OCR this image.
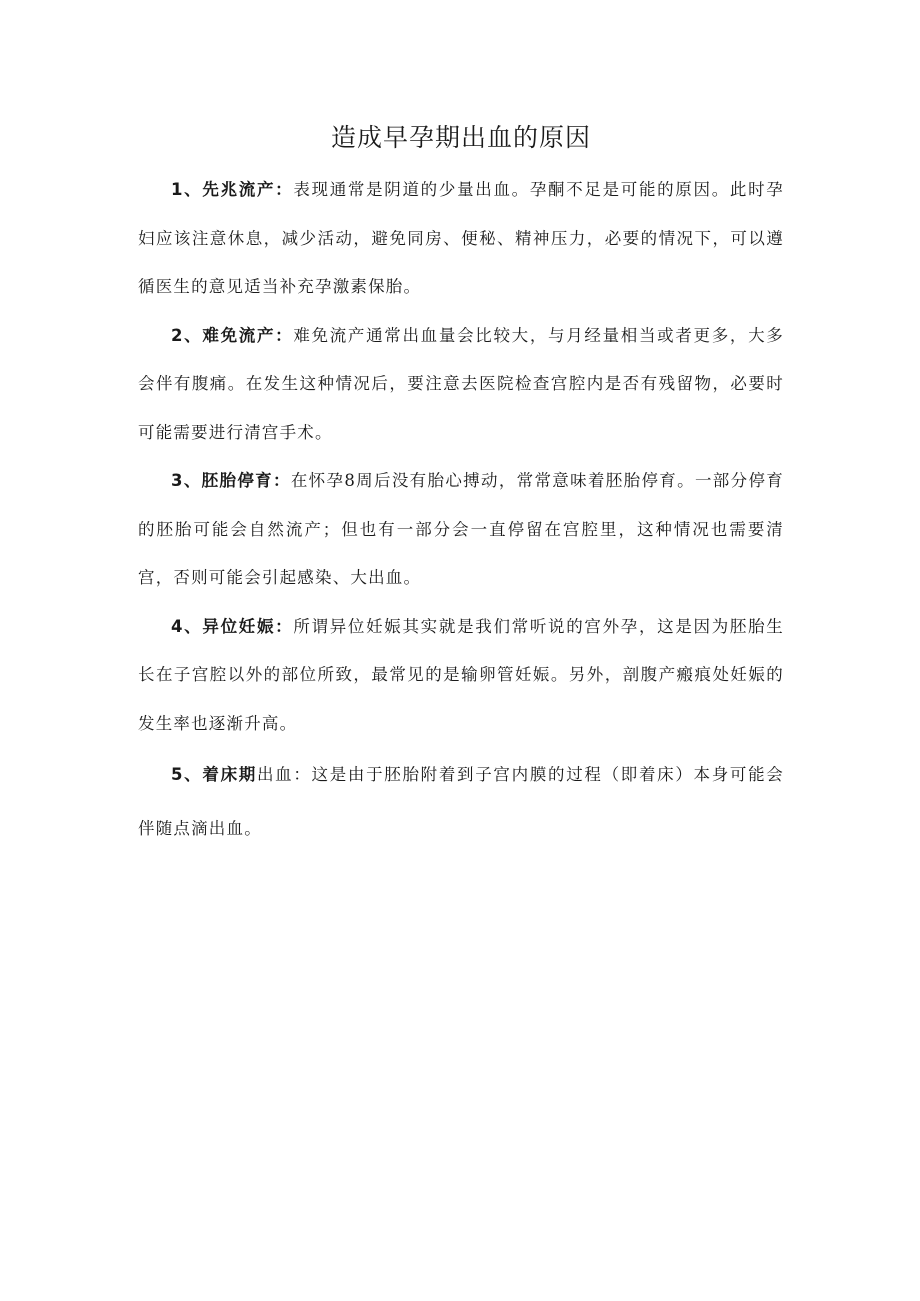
造成早孕期出血的原因

1、先兆流产：表现通常是阴道的少量出血。孕酮不足是可能的原因。此时孕妇应该注意休息，减少活动，避免同房、便秘、精神压力，必要的情况下，可以遵循医生的意见适当补充孕激素保胎。

2、难免流产：难免流产通常出血量会比较大，与月经量相当或者更多，大多会伴有腹痛。在发生这种情况后，要注意去医院检查宫腔内是否有残留物，必要时可能需要进行清宫手术。

3、胚胎停育：在怀孕8周后没有胎心搏动，常常意味着胚胎停育。一部分停育的胚胎可能会自然流产；但也有一部分会一直停留在宫腔里，这种情况也需要清宫，否则可能会引起感染、大出血。

4、异位妊娠：所谓异位妊娠其实就是我们常听说的宫外孕，这是因为胚胎生长在子宫腔以外的部位所致，最常见的是输卵管妊娠。另外，剖腹产瘢痕处妊娠的发生率也逐渐升高。

5、着床期出血：这是由于胚胎附着到子宫内膜的过程（即着床）本身可能会伴随点滴出血。
